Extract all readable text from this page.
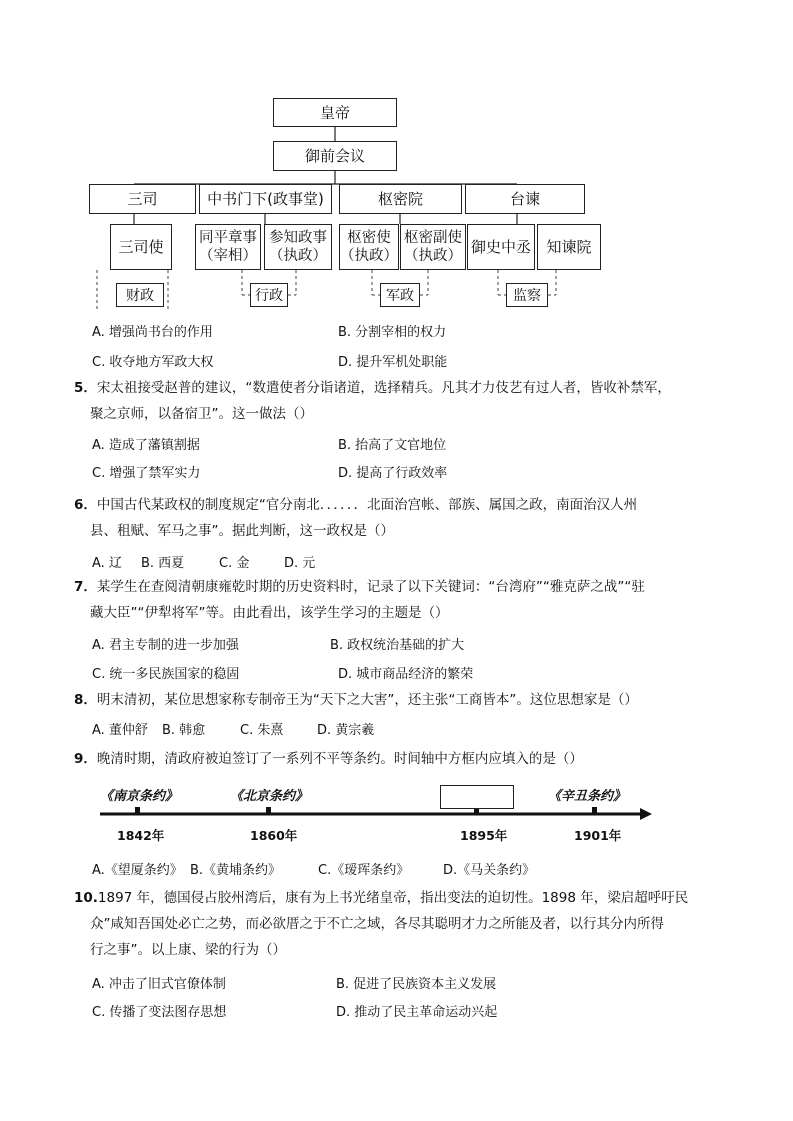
皇帝
御前会议
三司	中书门下(政事堂)	枢密院	台谏
三司使	同平章事
（宰相）
参知政事
（执政）
枢密使
（执政）
枢密副使
（执政） 御史中丞	知谏院
财政	行政	军政	监察
A. 增强尚书台的作用	B. 分割宰相的权力
C. 收夺地方军政大权	D. 提升军机处职能
5．宋太祖接受赵普的建议，“数遣使者分诣诸道，选择精兵。凡其才力伎艺有过人者，皆收补禁军，
聚之京师，以备宿卫”。这一做法（）
A. 造成了藩镇割据	B. 抬高了文官地位
C. 增强了禁军实力	D. 提高了行政效率
6．中国古代某政权的制度规定“官分南北．．．．．．北面治宫帐、部族、属国之政，南面治汉人州
县、租赋、军马之事”。据此判断，这一政权是（）
A. 辽 B. 西夏	C. 金	D. 元
7．某学生在查阅清朝康雍乾时期的历史资料时，记录了以下关键词：“台湾府”“雅克萨之战”“驻
藏大臣”“伊犁将军”等。由此看出，该学生学习的主题是（）
A. 君主专制的进一步加强	B. 政权统治基础的扩大
C. 统一多民族国家的稳固	D. 城市商品经济的繁荣
8．明末清初，某位思想家称专制帝王为“天下之大害”，还主张“工商皆本”。这位思想家是（）
A. 董仲舒 B. 韩愈	C. 朱熹	D. 黄宗羲
9．晚清时期，清政府被迫签订了一系列不平等条约。时间轴中方框内应填入的是（）
《南京条约》	《北京条约》	《辛丑条约》
1842年	1860年	1895年	1901年
A.《望厦条约》 B.《黄埔条约》	C.《瑷珲条约》	D.《马关条约》
10.1897 年，德国侵占胶州湾后，康有为上书光绪皇帝，指出变法的迫切性。1898 年，梁启超呼吁民
众”咸知吾国处必亡之势，而必欲厝之于不亡之域，各尽其聪明才力之所能及者，以行其分内所得
行之事”。以上康、梁的行为（）
A. 冲击了旧式官僚体制	B. 促进了民族资本主义发展
C. 传播了变法图存思想	D. 推动了民主革命运动兴起
